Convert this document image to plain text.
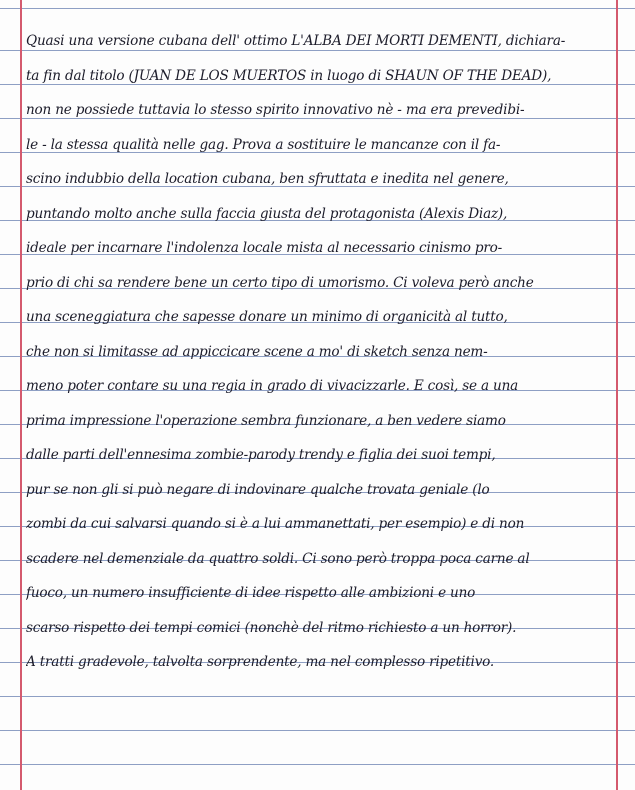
Quasi una versione cubana dell' ottimo L'ALBA DEI MORTI DEMENTI, dichiara-
ta fin dal titolo (JUAN DE LOS MUERTOS in luogo di SHAUN OF THE DEAD),
non ne possiede tuttavia lo stesso spirito innovativo nè - ma era prevedibi-
le - la stessa qualità nelle gag. Prova a sostituire le mancanze con il fa-
scino indubbio della location cubana, ben sfruttata e inedita nel genere,
puntando molto anche sulla faccia giusta del protagonista (Alexis Diaz),
ideale per incarnare l'indolenza locale mista al necessario cinismo pro-
prio di chi sa rendere bene un certo tipo di umorismo. Ci voleva però anche
una sceneggiatura che sapesse donare un minimo di organicità al tutto,
che non si limitasse ad appiccicare scene a mo' di sketch senza nem-
meno poter contare su una regia in grado di vivacizzarle. E così, se a una
prima impressione l'operazione sembra funzionare, a ben vedere siamo
dalle parti dell'ennesima zombie-parody trendy e figlia dei suoi tempi,
pur se non gli si può negare di indovinare qualche trovata geniale (lo
zombi da cui salvarsi quando si è a lui ammanettati, per esempio) e di non
scadere nel demenziale da quattro soldi. Ci sono però troppa poca carne al
fuoco, un numero insufficiente di idee rispetto alle ambizioni e uno
scarso rispetto dei tempi comici (nonchè del ritmo richiesto a un horror).
A tratti gradevole, talvolta sorprendente, ma nel complesso ripetitivo.
